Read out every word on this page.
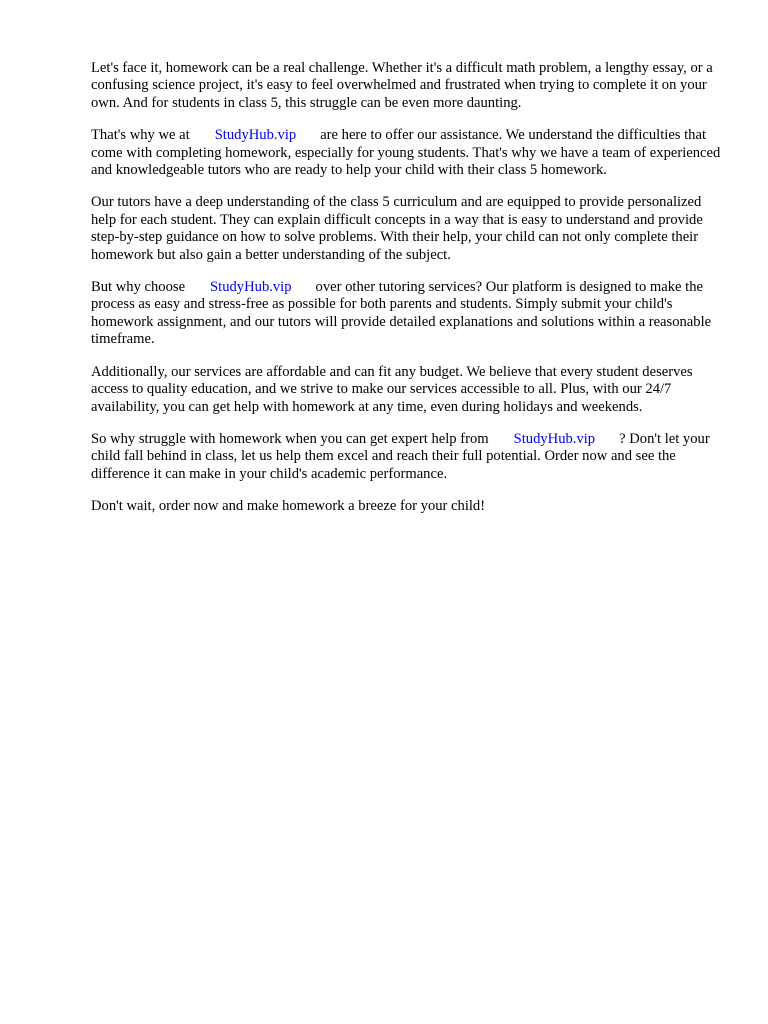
Let's face it, homework can be a real challenge. Whether it's a difficult math problem, a lengthy essay, or a confusing science project, it's easy to feel overwhelmed and frustrated when trying to complete it on your own. And for students in class 5, this struggle can be even more daunting.

That's why we at StudyHub.vip are here to offer our assistance. We understand the difficulties that come with completing homework, especially for young students. That's why we have a team of experienced and knowledgeable tutors who are ready to help your child with their class 5 homework.

Our tutors have a deep understanding of the class 5 curriculum and are equipped to provide personalized help for each student. They can explain difficult concepts in a way that is easy to understand and provide step-by-step guidance on how to solve problems. With their help, your child can not only complete their homework but also gain a better understanding of the subject.

But why choose StudyHub.vip over other tutoring services? Our platform is designed to make the process as easy and stress-free as possible for both parents and students. Simply submit your child's homework assignment, and our tutors will provide detailed explanations and solutions within a reasonable timeframe.

Additionally, our services are affordable and can fit any budget. We believe that every student deserves access to quality education, and we strive to make our services accessible to all. Plus, with our 24/7 availability, you can get help with homework at any time, even during holidays and weekends.

So why struggle with homework when you can get expert help from StudyHub.vip ? Don't let your child fall behind in class, let us help them excel and reach their full potential. Order now and see the difference it can make in your child's academic performance.

Don't wait, order now and make homework a breeze for your child!
